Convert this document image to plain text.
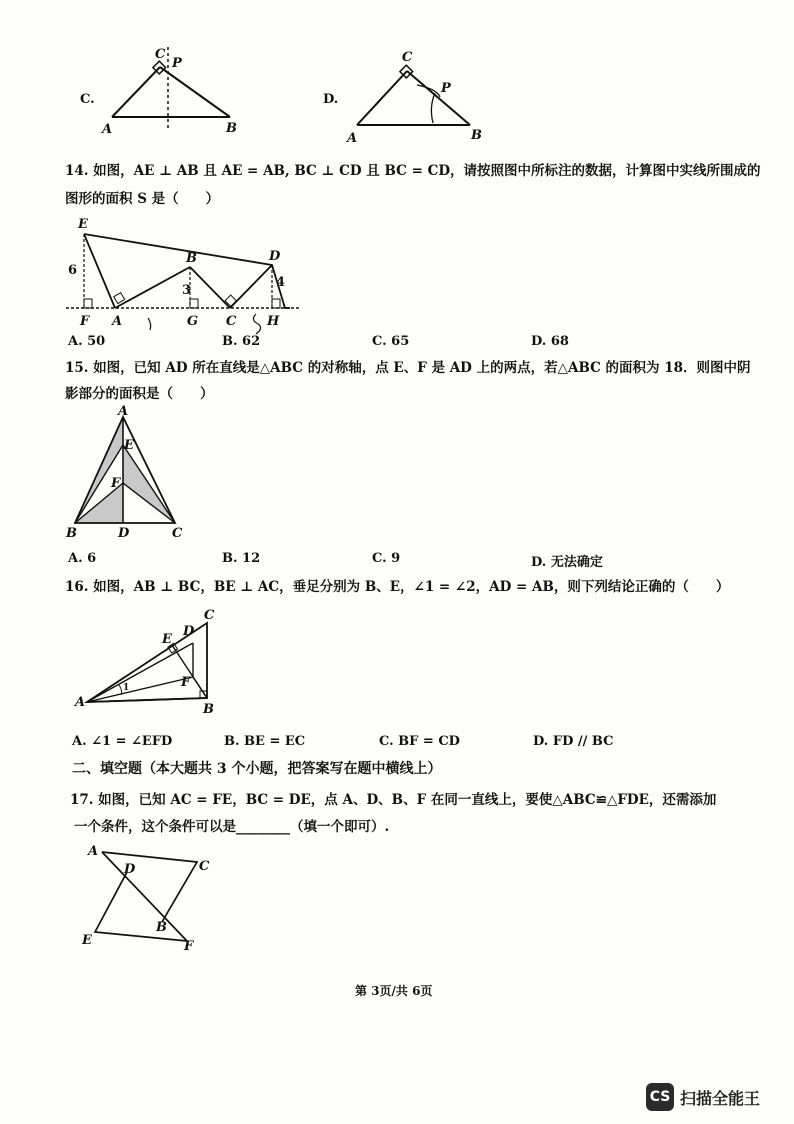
C.
C
P
A	B
D.
C
P
A	B
14. 如图，AE ⊥ AB 且 AE = AB, BC ⊥ CD 且 BC = CD，请按照图中所标注的数据，计算图中实线所围成的
图形的面积 S 是（　　）
E
B	D
F A	G C H
6
3
4
A. 50	B. 62	C. 65	D. 68
15. 如图，已知 AD 所在直线是△ABC 的对称轴，点 E、F 是 AD 上的两点，若△ABC 的面积为 18．则图中阴
影部分的面积是（　　）
A
E
F
B	D	C
A. 6	B. 12	C. 9	D. 无法确定
16. 如图，AB ⊥ BC，BE ⊥ AC，垂足分别为 B、E，∠1 = ∠2，AD = AB，则下列结论正确的（　　）
1
C
D
E
F
A	B
A. ∠1 = ∠EFD	B. BE = EC	C. BF = CD	D. FD // BC
二、填空题（本大题共 3 个小题，把答案写在题中横线上）
17. 如图，已知 AC = FE，BC = DE，点 A、D、B、F 在同一直线上，要使△ABC≌△FDE，还需添加
一个条件，这个条件可以是________（填一个即可）.
A
D	C
B
E	F
第 3页/共 6页
CS 扫描全能王
